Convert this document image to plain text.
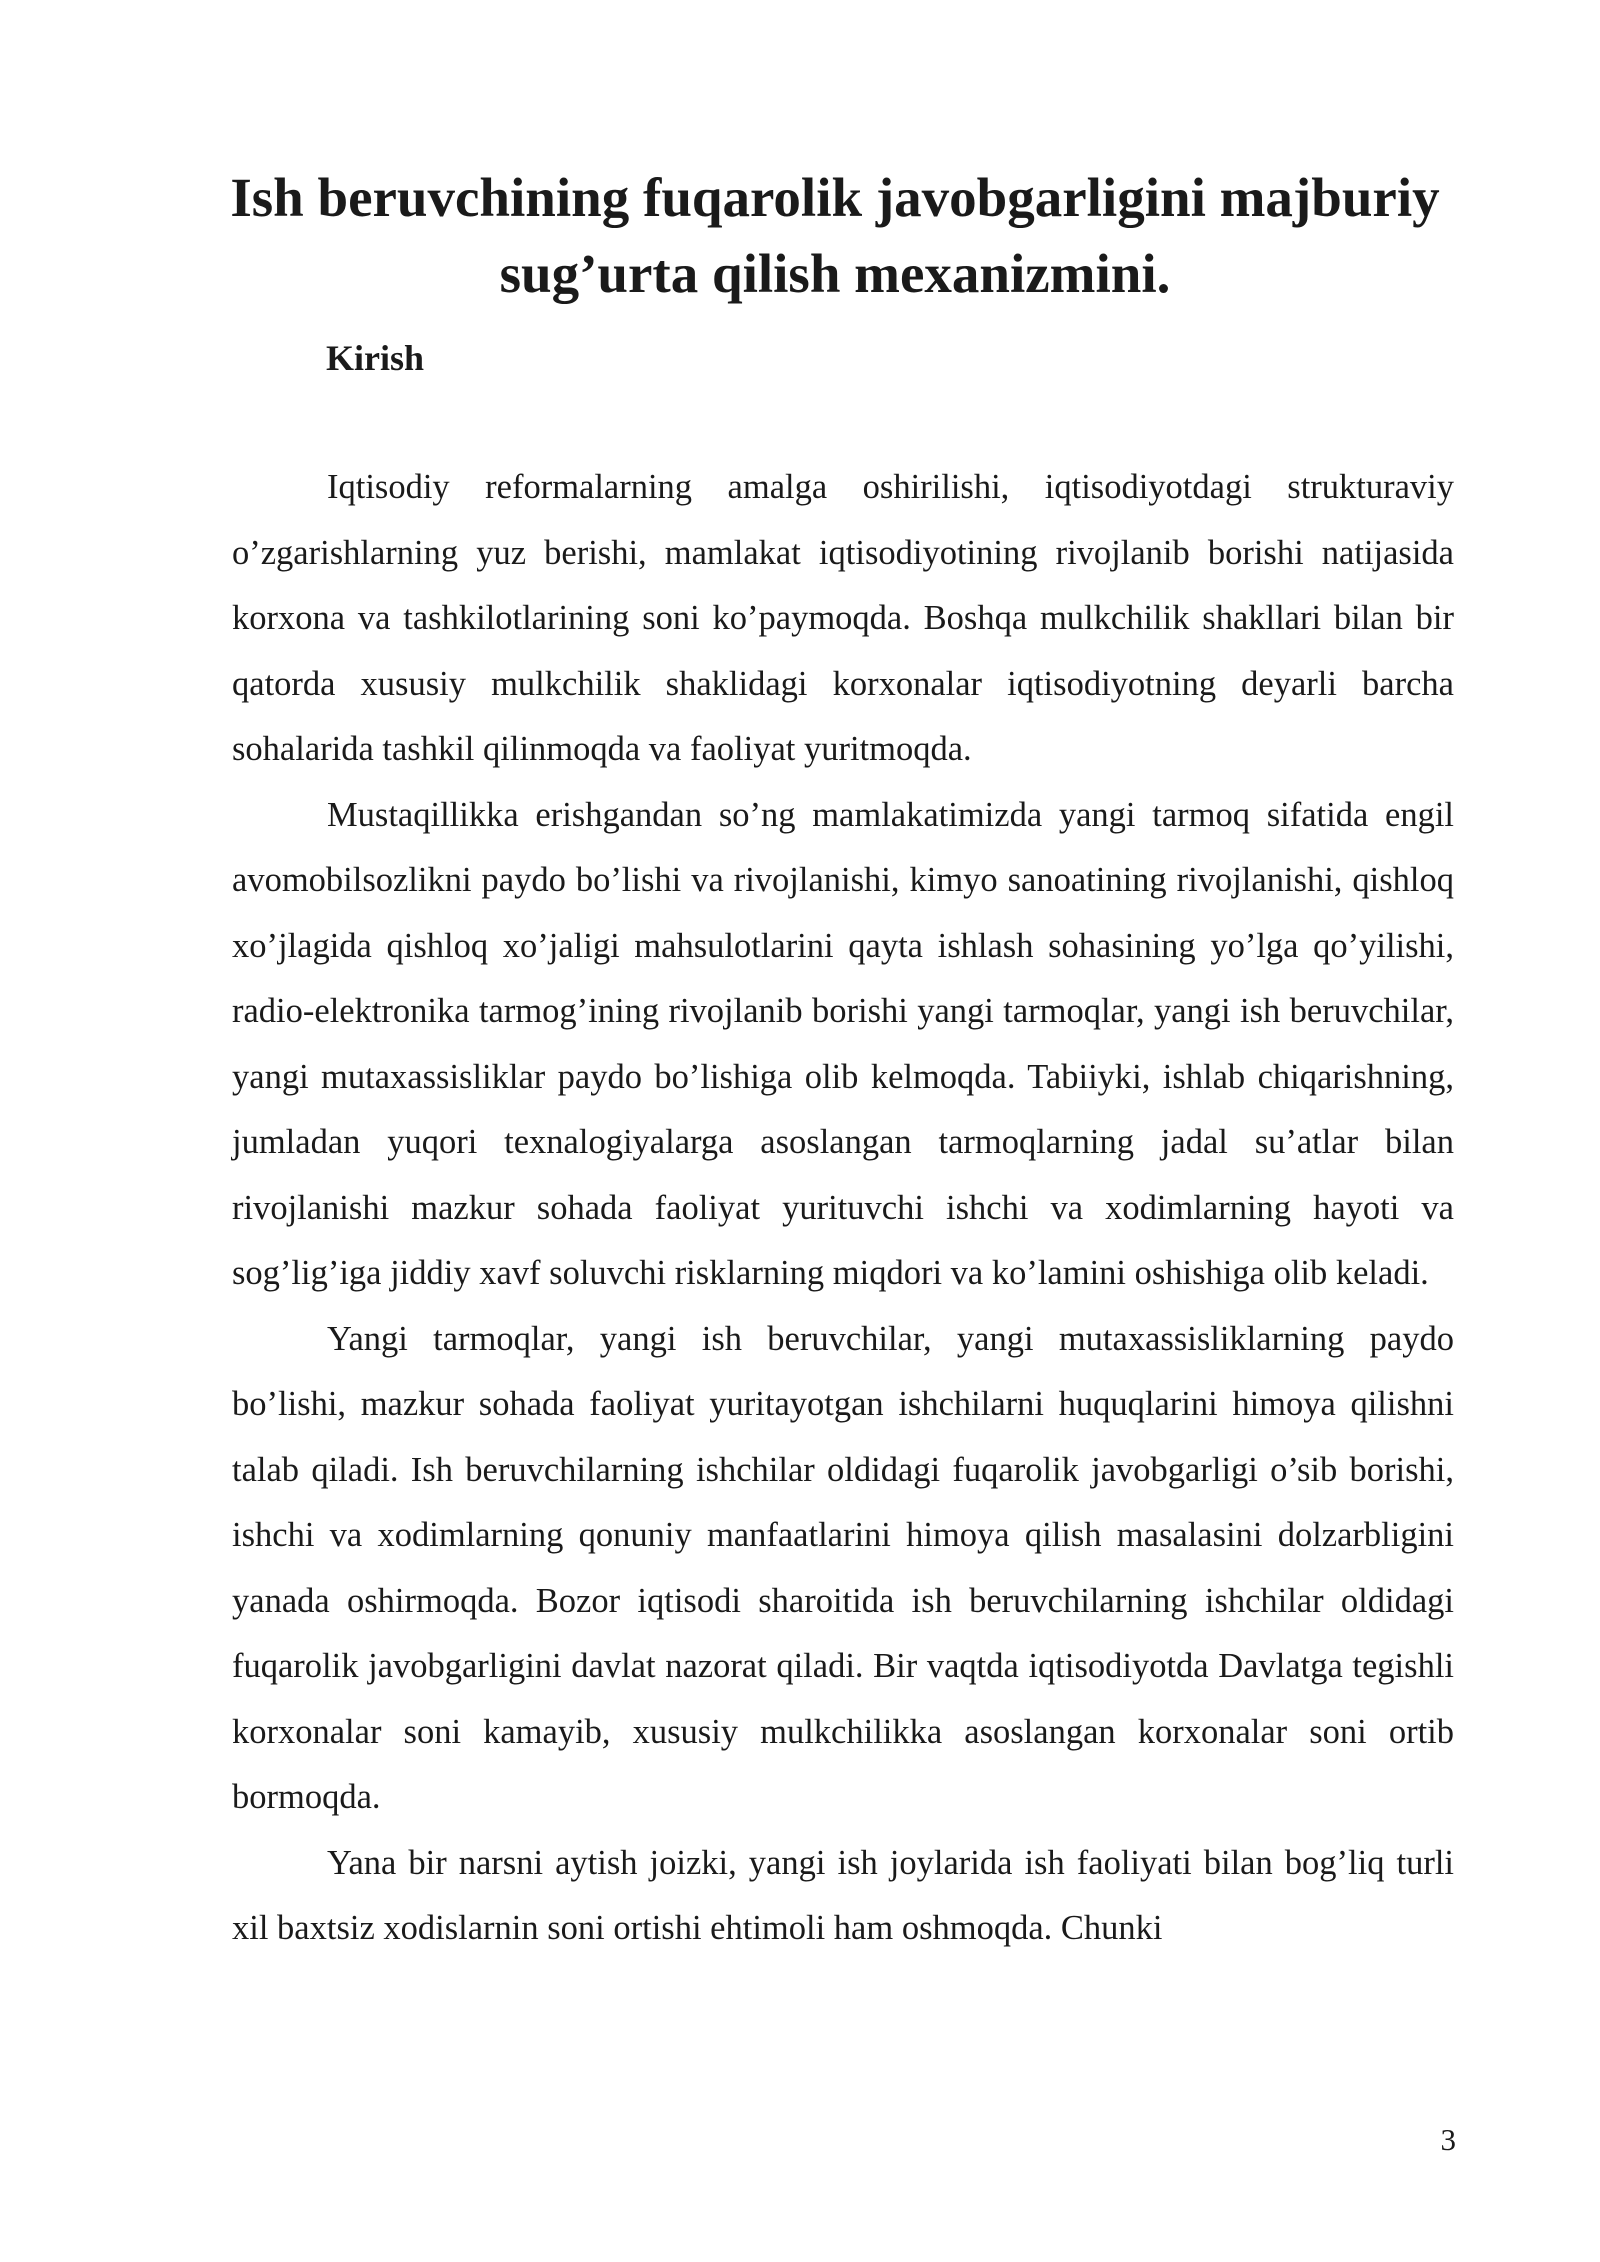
Ish beruvchining fuqarolik javobgarligini majburiy sug’urta qilish mexanizmini.
Kirish

Iqtisodiy reformalarning amalga oshirilishi, iqtisodiyotdagi strukturaviy o’zgarishlarning yuz berishi, mamlakat iqtisodiyotining rivojlanib borishi natijasida korxona va tashkilotlarining soni ko’paymoqda. Boshqa mulkchilik shakllari bilan bir qatorda xususiy mulkchilik shaklidagi korxonalar iqtisodiyotning deyarli barcha sohalarida tashkil qilinmoqda va faoliyat yuritmoqda.

Mustaqillikka erishgandan so’ng mamlakatimizda yangi tarmoq sifatida engil avomobilsozlikni paydo bo’lishi va rivojlanishi, kimyo sanoatining rivojlanishi, qishloq xo’jlagida qishloq xo’jaligi mahsulotlarini qayta ishlash sohasining yo’lga qo’yilishi, radio-elektronika tarmog’ining rivojlanib borishi yangi tarmoqlar, yangi ish beruvchilar, yangi mutaxassisliklar paydo bo’lishiga olib kelmoqda. Tabiiyki, ishlab chiqarishning, jumladan yuqori texnalogiyalarga asoslangan tarmoqlarning jadal su’atlar bilan rivojlanishi mazkur sohada faoliyat yurituvchi ishchi va xodimlarning hayoti va sog’lig’iga jiddiy xavf soluvchi risklarning miqdori va ko’lamini oshishiga olib keladi.

Yangi tarmoqlar, yangi ish beruvchilar, yangi mutaxassisliklarning paydo bo’lishi, mazkur sohada faoliyat yuritayotgan ishchilarni huquqlarini himoya qilishni talab qiladi. Ish beruvchilarning ishchilar oldidagi fuqarolik javobgarligi o’sib borishi, ishchi va xodimlarning qonuniy manfaatlarini himoya qilish masalasini dolzarbligini yanada oshirmoqda. Bozor iqtisodi sharoitida ish beruvchilarning ishchilar oldidagi fuqarolik javobgarligini davlat nazorat qiladi. Bir vaqtda iqtisodiyotda Davlatga tegishli korxonalar soni kamayib, xususiy mulkchilikka asoslangan korxonalar soni ortib bormoqda.

Yana bir narsni aytish joizki, yangi ish joylarida ish faoliyati bilan bog’liq turli xil baxtsiz xodislarnin soni ortishi ehtimoli ham oshmoqda. Chunki

3
